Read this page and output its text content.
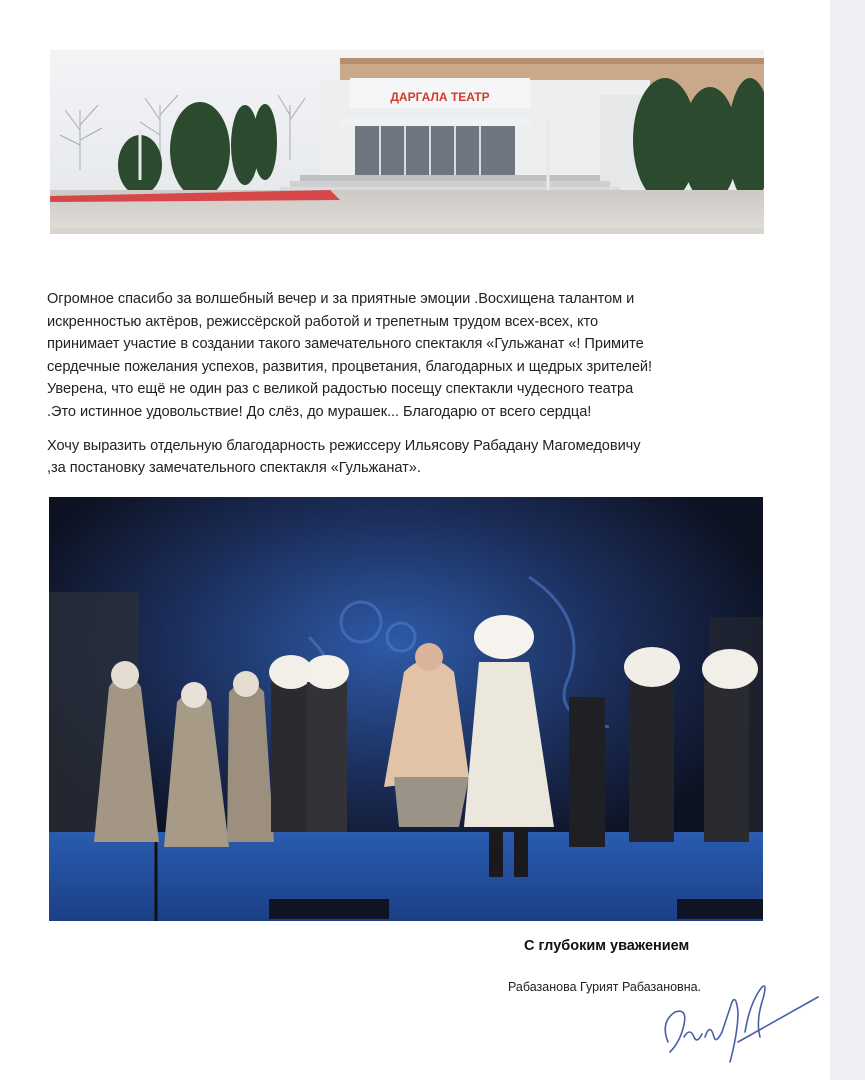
ДАРГАЛА ТЕАТР

Огромное спасибо за волшебный вечер и за приятные эмоции .Восхищена талантом и
искренностью актёров, режиссёрской работой и трепетным трудом всех-всех, кто
принимает участие в создании такого замечательного спектакля «Гульжанат «! Примите
сердечные пожелания успехов, развития, процветания, благодарных и щедрых зрителей!
Уверена, что ещё не один раз с великой радостью посещу спектакли чудесного театра
.Это истинное удовольствие! До слёз, до мурашек... Благодарю от всего сердца!

Хочу выразить отдельную благодарность режиссеру Ильясову Рабадану Магомедовичу
,за постановку замечательного спектакля «Гульжанат».

С глубоким уважением
Рабазанова Гурият Рабазановна.
